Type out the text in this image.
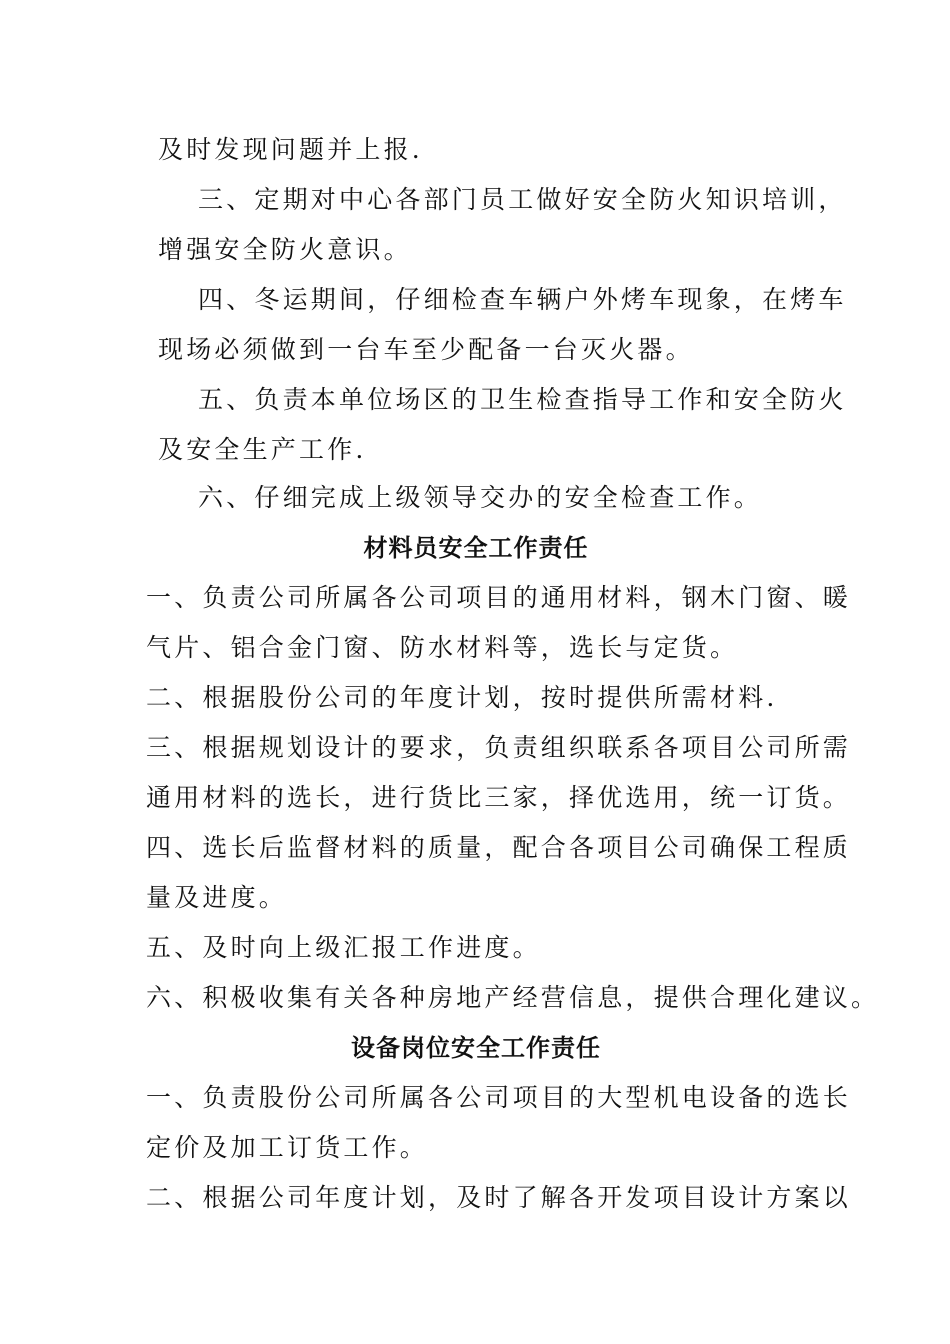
及时发现问题并上报.
三、定期对中心各部门员工做好安全防火知识培训，
增强安全防火意识。
四、冬运期间，仔细检查车辆户外烤车现象，在烤车
现场必须做到一台车至少配备一台灭火器。
五、负责本单位场区的卫生检查指导工作和安全防火
及安全生产工作.
六、仔细完成上级领导交办的安全检查工作。
材料员安全工作责任
一、负责公司所属各公司项目的通用材料，钢木门窗、暖
气片、铝合金门窗、防水材料等，选长与定货。
二、根据股份公司的年度计划，按时提供所需材料.
三、根据规划设计的要求，负责组织联系各项目公司所需
通用材料的选长，进行货比三家，择优选用，统一订货。
四、选长后监督材料的质量，配合各项目公司确保工程质
量及进度。
五、及时向上级汇报工作进度。
六、积极收集有关各种房地产经营信息，提供合理化建议。
设备岗位安全工作责任
一、负责股份公司所属各公司项目的大型机电设备的选长
定价及加工订货工作。
二、根据公司年度计划，及时了解各开发项目设计方案以
